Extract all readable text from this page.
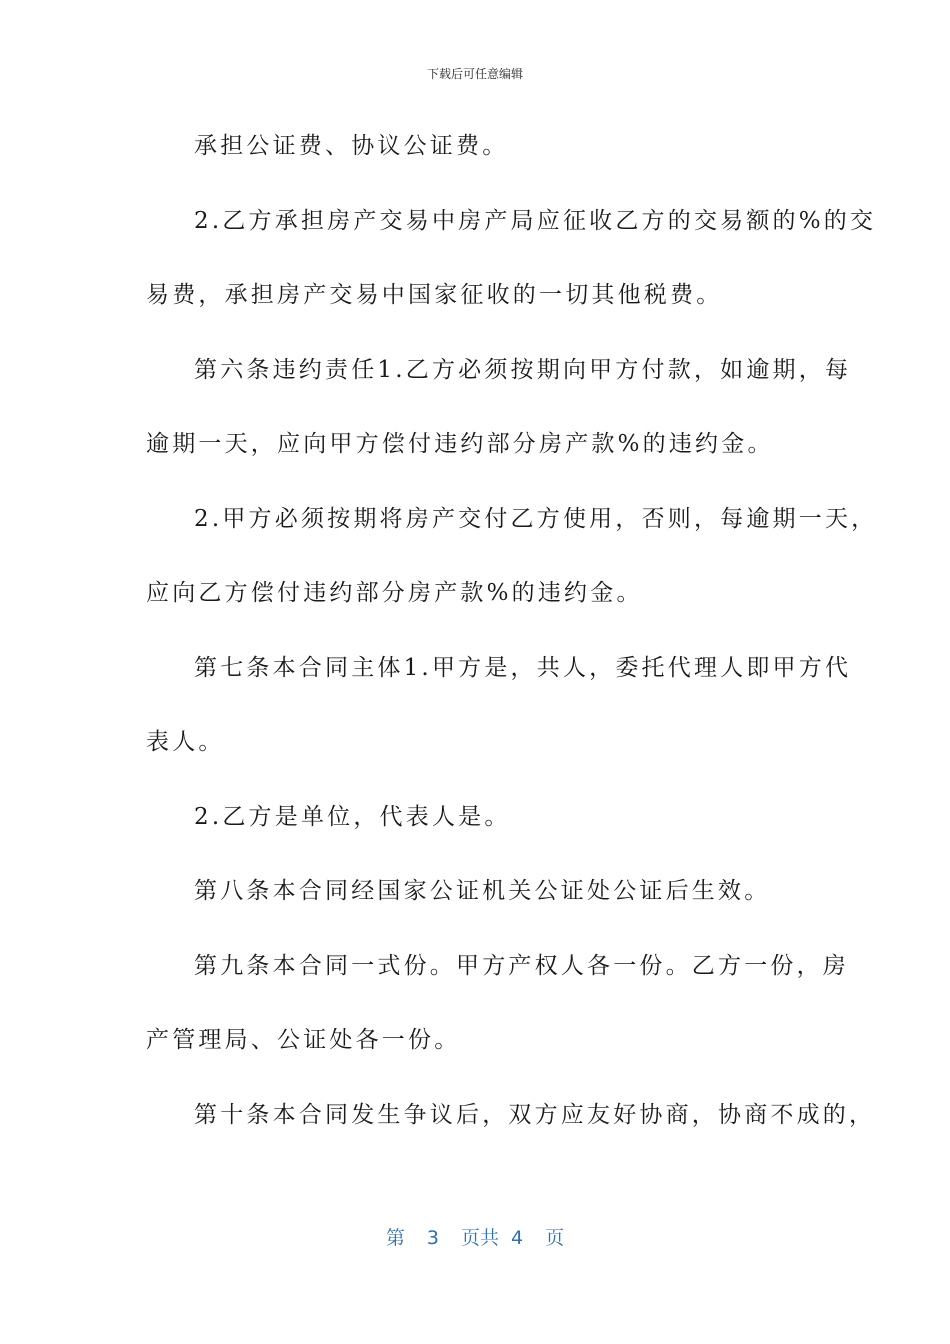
下载后可任意编辑
承担公证费、协议公证费。
2.乙方承担房产交易中房产局应征收乙方的交易额的%的交
易费，承担房产交易中国家征收的一切其他税费。
第六条违约责任1.乙方必须按期向甲方付款，如逾期，每
逾期一天，应向甲方偿付违约部分房产款%的违约金。
2.甲方必须按期将房产交付乙方使用，否则，每逾期一天，
应向乙方偿付违约部分房产款%的违约金。
第七条本合同主体1.甲方是，共人，委托代理人即甲方代
表人。
2.乙方是单位，代表人是。
第八条本合同经国家公证机关公证处公证后生效。
第九条本合同一式份。甲方产权人各一份。乙方一份，房
产管理局、公证处各一份。
第十条本合同发生争议后，双方应友好协商，协商不成的，
第 3 页共 4 页
